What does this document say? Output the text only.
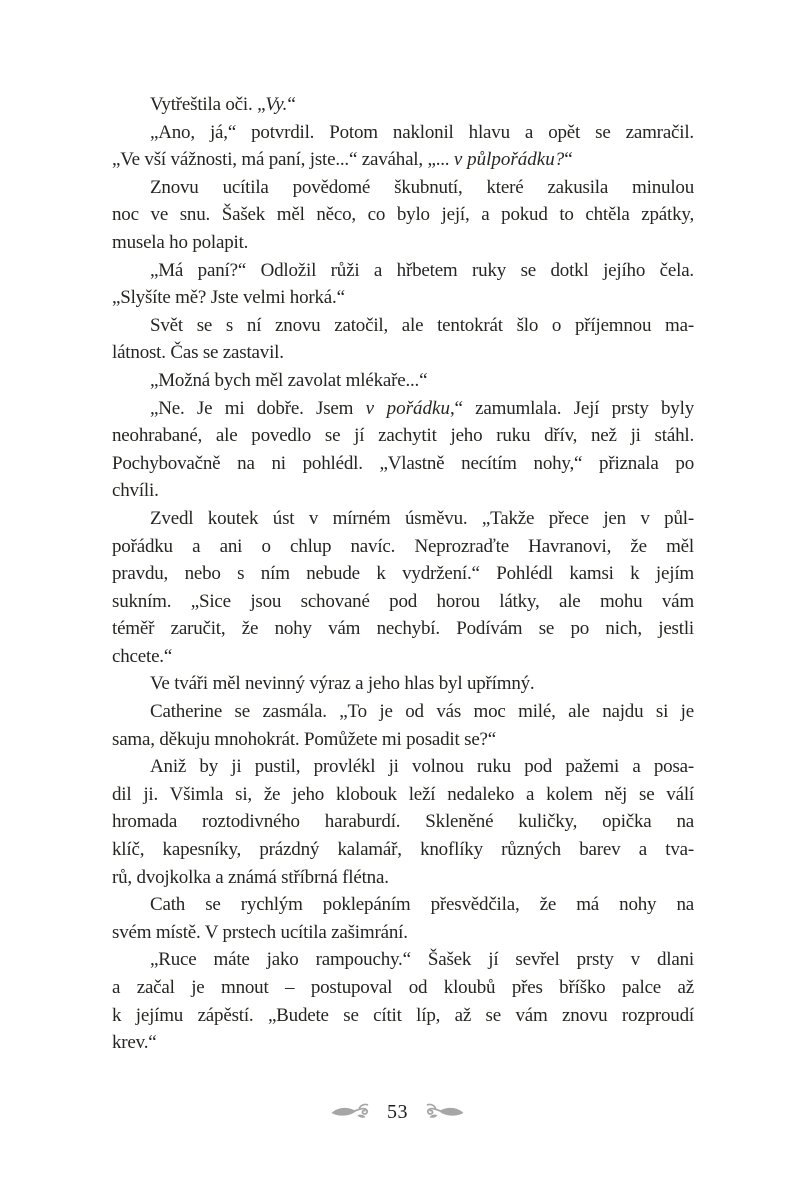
Vytřeštila oči. „Vy.“
„Ano, já,“ potvrdil. Potom naklonil hlavu a opět se zamračil.
„Ve vší vážnosti, má paní, jste...“ zaváhal, „... v půlpořádku?“
Znovu ucítila povědomé škubnutí, které zakusila minulou
noc ve snu. Šašek měl něco, co bylo její, a pokud to chtěla zpátky,
musela ho polapit.
„Má paní?“ Odložil růži a hřbetem ruky se dotkl jejího čela.
„Slyšíte mě? Jste velmi horká.“
Svět se s ní znovu zatočil, ale tentokrát šlo o příjemnou ma-
látnost. Čas se zastavil.
„Možná bych měl zavolat mlékaře...“
„Ne. Je mi dobře. Jsem v pořádku,“ zamumlala. Její prsty byly
neohrabané, ale povedlo se jí zachytit jeho ruku dřív, než ji stáhl.
Pochybovačně na ni pohlédl. „Vlastně necítím nohy,“ přiznala po
chvíli.
Zvedl koutek úst v mírném úsměvu. „Takže přece jen v půl-
pořádku a ani o chlup navíc. Neprozraďte Havranovi, že měl
pravdu, nebo s ním nebude k vydržení.“ Pohlédl kamsi k jejím
sukním. „Sice jsou schované pod horou látky, ale mohu vám
téměř zaručit, že nohy vám nechybí. Podívám se po nich, jestli
chcete.“
Ve tváři měl nevinný výraz a jeho hlas byl upřímný.
Catherine se zasmála. „To je od vás moc milé, ale najdu si je
sama, děkuju mnohokrát. Pomůžete mi posadit se?“
Aniž by ji pustil, provlékl ji volnou ruku pod pažemi a posa-
dil ji. Všimla si, že jeho klobouk leží nedaleko a kolem něj se válí
hromada roztodivného haraburdí. Skleněné kuličky, opička na
klíč, kapesníky, prázdný kalamář, knoflíky různých barev a tva-
rů, dvojkolka a známá stříbrná flétna.
Cath se rychlým poklepáním přesvědčila, že má nohy na
svém místě. V prstech ucítila zašimrání.
„Ruce máte jako rampouchy.“ Šašek jí sevřel prsty v dlani
a začal je mnout – postupoval od kloubů přes bříško palce až
k jejímu zápěstí. „Budete se cítit líp, až se vám znovu rozproudí
krev.“
53
